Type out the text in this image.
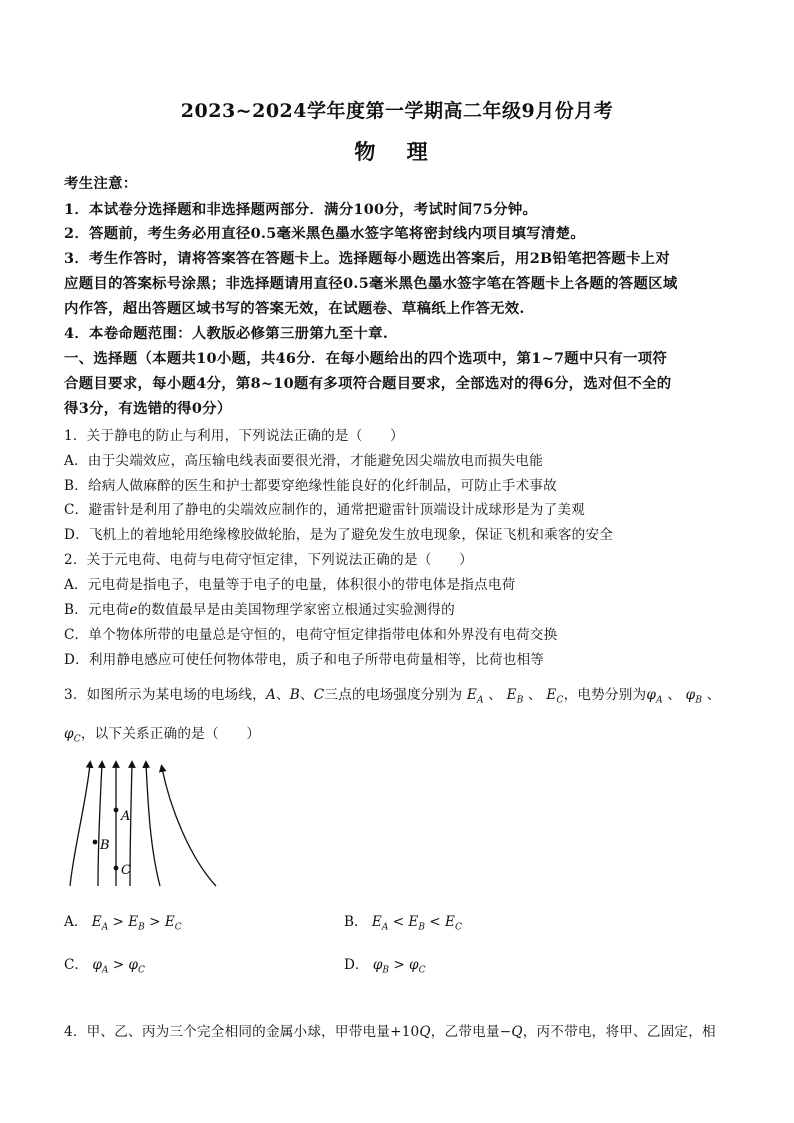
2023~2024学年度第一学期高二年级9月份月考
物 理
考生注意：
1．本试卷分选择题和非选择题两部分．满分100分，考试时间75分钟。
2．答题前，考生务必用直径0.5毫米黑色墨水签字笔将密封线内项目填写清楚。
3．考生作答时，请将答案答在答题卡上。选择题每小题选出答案后，用2B铅笔把答题卡上对
应题目的答案标号涂黑；非选择题请用直径0.5毫米黑色墨水签字笔在答题卡上各题的答题区域
内作答，超出答题区域书写的答案无效，在试题卷、草稿纸上作答无效.
4．本卷命题范围：人教版必修第三册第九至十章.
一、选择题（本题共10小题，共46分．在每小题给出的四个选项中，第1~7题中只有一项符
合题目要求，每小题4分，第8~10题有多项符合题目要求，全部选对的得6分，选对但不全的
得3分，有选错的得0分）
1．关于静电的防止与利用，下列说法正确的是（　　）
A．由于尖端效应，高压输电线表面要很光滑，才能避免因尖端放电而损失电能
B．给病人做麻醉的医生和护士都要穿绝缘性能良好的化纤制品，可防止手术事故
C．避雷针是利用了静电的尖端效应制作的，通常把避雷针顶端设计成球形是为了美观
D．飞机上的着地轮用绝缘橡胶做轮胎，是为了避免发生放电现象，保证飞机和乘客的安全
2．关于元电荷、电荷与电荷守恒定律，下列说法正确的是（　　）
A．元电荷是指电子，电量等于电子的电量，体积很小的带电体是指点电荷
B．元电荷e的数值最早是由美国物理学家密立根通过实验测得的
C．单个物体所带的电量总是守恒的，电荷守恒定律指带电体和外界没有电荷交换
D．利用静电感应可使任何物体带电，质子和电子所带电荷量相等，比荷也相等
3．如图所示为某电场的电场线，A、B、C三点的电场强度分别为 $E_A$ 、 $E_B$ 、 $E_C$，电势分别为$\varphi_A$ 、 $\varphi_B$ 、
$\varphi_C$，以下关系正确的是（　　）
A
B
C
A． $E_A > E_B > E_C$	B． $E_A < E_B < E_C$
C． $\varphi_A > \varphi_C$	D． $\varphi_B > \varphi_C$
4．甲、乙、丙为三个完全相同的金属小球，甲带电量+10Q，乙带电量−Q，丙不带电，将甲、乙固定，相
